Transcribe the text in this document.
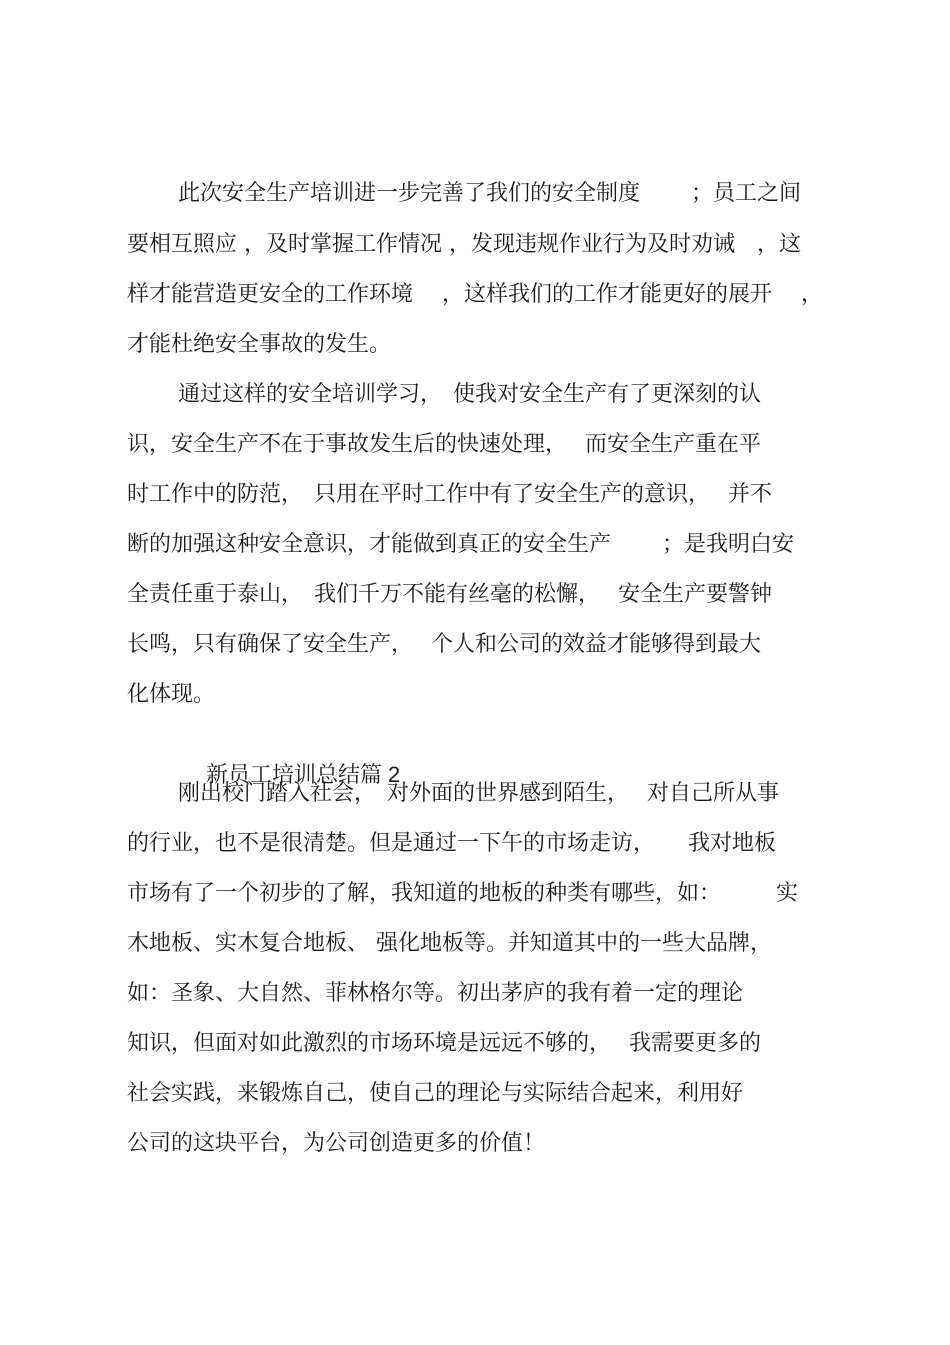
此次安全生产培训进一步完善了我们的安全制度　　 ；员工之间
要相互照应 ，及时掌握工作情况 ，发现违规作业行为及时劝诫　，这
样才能营造更安全的工作环境　 ，这样我们的工作才能更好的展开　 ，
才能杜绝安全事故的发生。
通过这样的安全培训学习，　使我对安全生产有了更深刻的认
识，安全生产不在于事故发生后的快速处理，　 而安全生产重在平
时工作中的防范，　只用在平时工作中有了安全生产的意识，　 并不
断的加强这种安全意识，才能做到真正的安全生产　　 ；是我明白安
全责任重于泰山，　我们千万不能有丝毫的松懈，　 安全生产要警钟
长鸣，只有确保了安全生产，　 个人和公司的效益才能够得到最大
化体现。

新员工培训总结篇 2

刚出校门踏入社会，　对外面的世界感到陌生，　 对自己所从事
的行业，也不是很清楚。但是通过一下午的市场走访，　　我对地板
市场有了一个初步的了解，我知道的地板的种类有哪些，如：　　　实
木地板、实木复合地板、 强化地板等。并知道其中的一些大品牌，
如：圣象、大自然、菲林格尔等。初出茅庐的我有着一定的理论
知识，但面对如此激烈的市场环境是远远不够的，　 我需要更多的
社会实践，来锻炼自己，使自己的理论与实际结合起来，利用好
公司的这块平台，为公司创造更多的价值！
